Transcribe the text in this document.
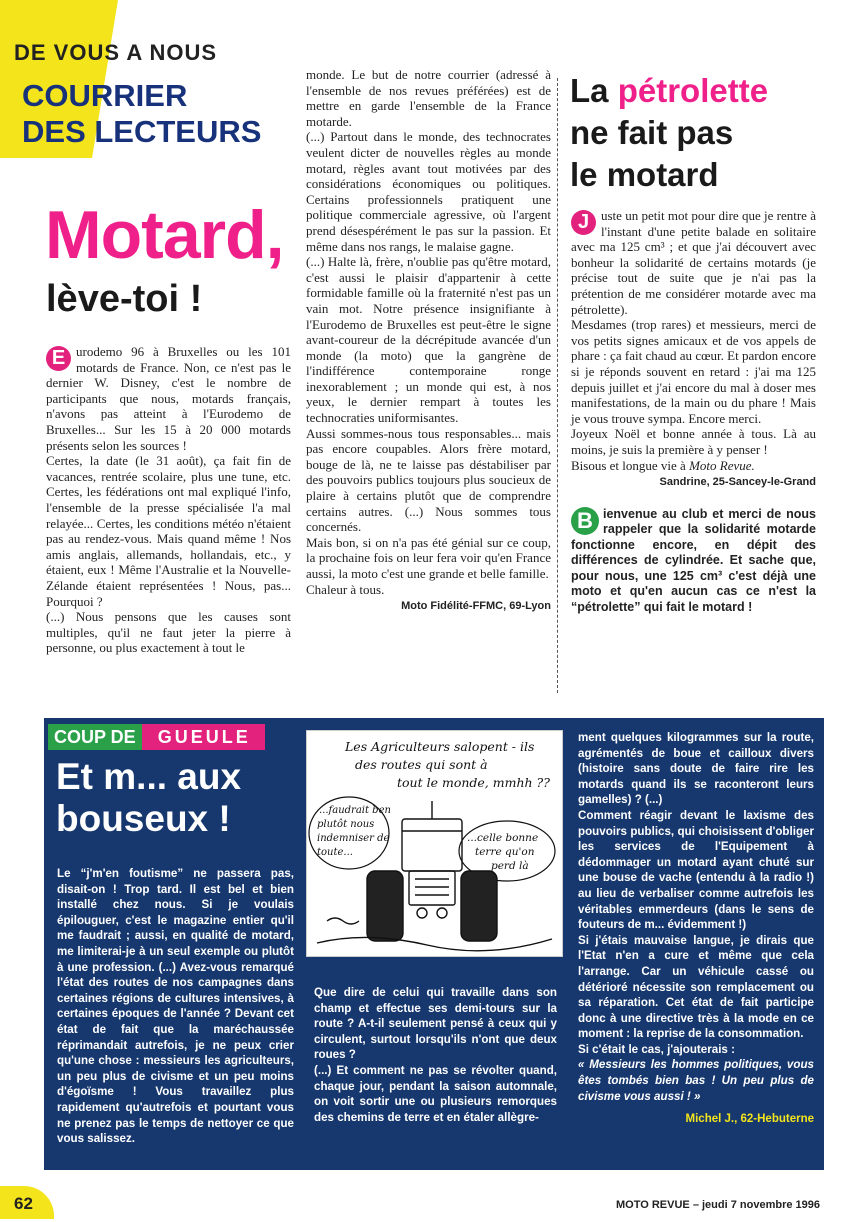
DE VOUS A NOUS
COURRIER
DES LECTEURS
Motard,
lève-toi !

E urodemo 96 à Bruxelles ou les 101 motards de France. Non, ce n'est pas le dernier W. Disney, c'est le nombre de participants que nous, motards français, n'avons pas atteint à l'Eurodemo de Bruxelles... Sur les 15 à 20 000 motards présents selon les sources !

Certes, la date (le 31 août), ça fait fin de vacances, rentrée scolaire, plus une tune, etc. Certes, les fédérations ont mal expliqué l'info, l'ensemble de la presse spécialisée l'a mal relayée... Certes, les conditions météo n'étaient pas au rendez-vous. Mais quand même ! Nos amis anglais, allemands, hollandais, etc., y étaient, eux ! Même l'Australie et la Nouvelle-Zélande étaient représentées ! Nous, pas... Pourquoi ?

(...) Nous pensons que les causes sont multiples, qu'il ne faut jeter la pierre à personne, ou plus exactement à tout le

monde. Le but de notre courrier (adressé à l'ensemble de nos revues préférées) est de mettre en garde l'ensemble de la France motarde.

(...) Partout dans le monde, des technocrates veulent dicter de nouvelles règles au monde motard, règles avant tout motivées par des considérations économiques ou politiques. Certains professionnels pratiquent une politique commerciale agressive, où l'argent prend désespérément le pas sur la passion. Et même dans nos rangs, le malaise gagne.

(...) Halte là, frère, n'oublie pas qu'être motard, c'est aussi le plaisir d'appartenir à cette formidable famille où la fraternité n'est pas un vain mot. Notre présence insignifiante à l'Eurodemo de Bruxelles est peut-être le signe avant-coureur de la décrépitude avancée d'un monde (la moto) que la gangrène de l'indifférence contemporaine ronge inexorablement ; un monde qui est, à nos yeux, le dernier rempart à toutes les technocraties uniformisantes.

Aussi sommes-nous tous responsables... mais pas encore coupables. Alors frère motard, bouge de là, ne te laisse pas déstabiliser par des pouvoirs publics toujours plus soucieux de plaire à certains plutôt que de comprendre certains autres. (...) Nous sommes tous concernés.

Mais bon, si on n'a pas été génial sur ce coup, la prochaine fois on leur fera voir qu'en France aussi, la moto c'est une grande et belle famille.

Chaleur à tous.

Moto Fidélité-FFMC, 69-Lyon
La pétrolette
ne fait pas
le motard

J uste un petit mot pour dire que je rentre à l'instant d'une petite balade en solitaire avec ma 125 cm³ ; et que j'ai découvert avec bonheur la solidarité de certains motards (je précise tout de suite que je n'ai pas la prétention de me considérer motarde avec ma pétrolette).

Mesdames (trop rares) et messieurs, merci de vos petits signes amicaux et de vos appels de phare : ça fait chaud au cœur. Et pardon encore si je réponds souvent en retard : j'ai ma 125 depuis juillet et j'ai encore du mal à doser mes manifestations, de la main ou du phare ! Mais je vous trouve sympa. Encore merci.

Joyeux Noël et bonne année à tous. Là au moins, je suis la première à y penser !

Bisous et longue vie à Moto Revue.

Sandrine, 25-Sancey-le-Grand

B ienvenue au club et merci de nous rappeler que la solidarité motarde fonctionne encore, en dépit des différences de cylindrée. Et sache que, pour nous, une 125 cm³ c'est déjà une moto et qu'en aucun cas ce n'est la “pétrolette” qui fait le motard !

COUP DE	GUEULE
Et m... aux
bouseux !

Le “j'm'en foutisme” ne passera pas, disait-on ! Trop tard. Il est bel et bien installé chez nous. Si je voulais épilouguer, c'est le magazine entier qu'il me faudrait ; aussi, en qualité de motard, me limiterai-je à un seul exemple ou plutôt à une profession. (...) Avez-vous remarqué l'état des routes de nos campagnes dans certaines régions de cultures intensives, à certaines époques de l'année ? Devant cet état de fait que la maréchaussée réprimandait autrefois, je ne peux crier qu'une chose : messieurs les agriculteurs, un peu plus de civisme et un peu moins d'égoïsme ! Vous travaillez plus rapidement qu'autrefois et pourtant vous ne prenez pas le temps de nettoyer ce que vous salissez.

Les Agriculteurs salopent - ils des routes qui sont à tout le monde, mmhh ??
...faudrait ben plutôt nous indemniser de toute...
...celle bonne terre qu'on perd là

Que dire de celui qui travaille dans son champ et effectue ses demi-tours sur la route ? A-t-il seulement pensé à ceux qui y circulent, surtout lorsqu'ils n'ont que deux roues ?

(...) Et comment ne pas se révolter quand, chaque jour, pendant la saison automnale, on voit sortir une ou plusieurs remorques des chemins de terre et en étaler allègre-

ment quelques kilogrammes sur la route, agrémentés de boue et cailloux divers (histoire sans doute de faire rire les motards quand ils se raconteront leurs gamelles) ? (...)

Comment réagir devant le laxisme des pouvoirs publics, qui choisissent d'obliger les services de l'Equipement à dédommager un motard ayant chuté sur une bouse de vache (entendu à la radio !) au lieu de verbaliser comme autrefois les véritables emmerdeurs (dans le sens de fouteurs de m... évidemment !)

Si j'étais mauvaise langue, je dirais que l'Etat n'en a cure et même que cela l'arrange. Car un véhicule cassé ou détérioré nécessite son remplacement ou sa réparation. Cet état de fait participe donc à une directive très à la mode en ce moment : la reprise de la consommation.

Si c'était le cas, j'ajouterais :

« Messieurs les hommes politiques, vous êtes tombés bien bas ! Un peu plus de civisme vous aussi ! »

Michel J., 62-Hebuterne
62	MOTO REVUE – jeudi 7 novembre 1996
